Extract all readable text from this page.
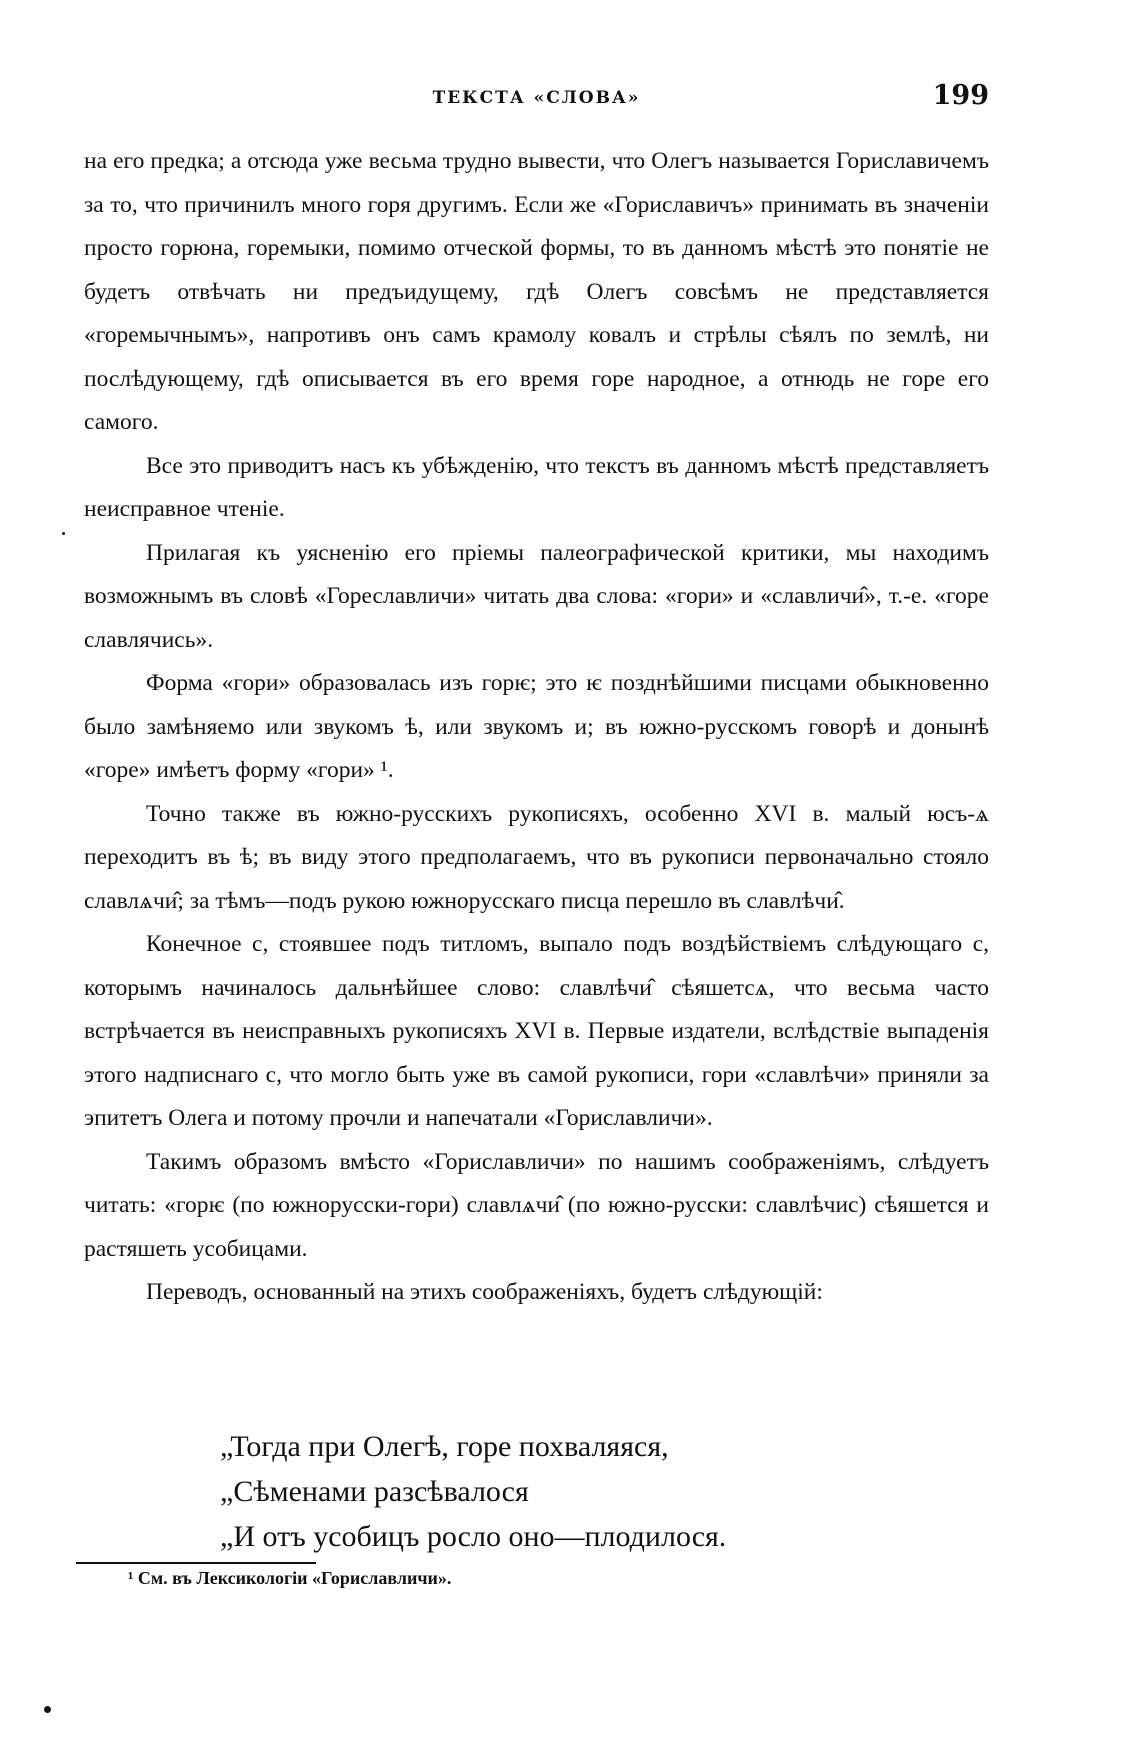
ТЕКСТА «СЛОВА»	199

на его предка; а отсюда уже весьма трудно вывести, что Олегъ называется Гориславичемъ за то, что причинилъ много горя другимъ. Если же «Гориславичъ» принимать въ значеніи просто горюна, горемыки, помимо отческой формы, то въ данномъ мѣстѣ это понятіе не будетъ отвѣчать ни предъидущему, гдѣ Олегъ совсѣмъ не представляется «горемычнымъ», напротивъ онъ самъ крамолу ковалъ и стрѣлы сѣялъ по землѣ, ни послѣдующему, гдѣ описывается въ его время горе народное, а отнюдь не горе его самого.

Все это приводитъ насъ къ убѣжденію, что текстъ въ данномъ мѣстѣ представляетъ неисправное чтеніе.

Прилагая къ уясненію его пріемы палеографической критики, мы находимъ возможнымъ въ словѣ «Гореславличи» читать два слова: «гори» и «славличи̂», т.-е. «горе славлячись».

Форма «гори» образовалась изъ горѥ; это ѥ позднѣйшими писцами обыкновенно было замѣняемо или звукомъ ѣ, или звукомъ и; въ южно-русскомъ говорѣ и донынѣ «горе» имѣетъ форму «гори» ¹.

Точно также въ южно-русскихъ рукописяхъ, особенно XVI в. малый юсъ-ѧ переходитъ въ ѣ; въ виду этого предполагаемъ, что въ рукописи первоначально стояло славлѧчи̂; за тѣмъ—подъ рукою южнорусскаго писца перешло въ славлѣчи̂.

Конечное с, стоявшее подъ титломъ, выпало подъ воздѣйствіемъ слѣдующаго с, которымъ начиналось дальнѣйшее слово: славлѣчи̂ сѣяшетсѧ, что весьма часто встрѣчается въ неисправныхъ рукописяхъ XVI в. Первые издатели, вслѣдствіе выпаденія этого надписнаго с, что могло быть уже въ самой рукописи, гори «славлѣчи» приняли за эпитетъ Олега и потому прочли и напечатали «Гориславличи».

Такимъ образомъ вмѣсто «Гориславличи» по нашимъ соображеніямъ, слѣдуетъ читать: «горѥ (по южнорусски-гори) славлѧчи̂ (по южно-русски: славлѣчис) сѣяшется и растяшеть усобицами.

Переводъ, основанный на этихъ соображеніяхъ, будетъ слѣдующій:

„Тогда при Олегѣ, горе похваляяся,
„Сѣменами разсѣвалося
„И отъ усобицъ росло оно—плодилося.
¹ См. въ Лексикологіи «Гориславличи».
